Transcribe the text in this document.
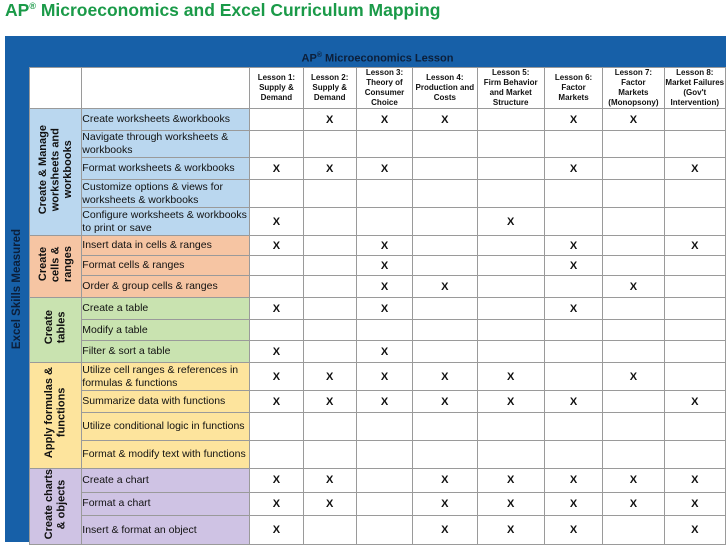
AP® Microeconomics and Excel Curriculum Mapping
Excel Skills Measured
AP® Microeconomics Lesson
		Lesson 1:
Supply &
Demand	Lesson 2:
Supply &
Demand	Lesson 3:
Theory of
Consumer
Choice	Lesson 4:
Production and
Costs	Lesson 5:
Firm Behavior
and Market
Structure	Lesson 6:
Factor
Markets	Lesson 7:
Factor
Markets
(Monopsony)	Lesson 8:
Market Failures
(Gov't
Intervention)
Create & Manage
worksheets and
workbooks	Create worksheets &workbooks		X	X	X		X	X	
	Navigate through worksheets & workbooks								
	Format worksheets & workbooks	X	X	X			X		X
	Customize options & views for worksheets & workbooks								
	Configure worksheets & workbooks to print or save	X				X			
Create
cells &
ranges	Insert data in cells & ranges	X		X			X		X
	Format cells & ranges			X			X		
	Order & group cells & ranges			X	X			X	
Create
tables	Create a table	X		X			X		
	Modify a table								
	Filter & sort a table	X		X					
Apply formulas &
functions	Utilize cell ranges & references in formulas & functions	X	X	X	X	X		X	
	Summarize data with functions	X	X	X	X	X	X		X
	Utilize conditional logic in functions								
	Format & modify text with functions								
Create charts
& objects	Create a chart	X	X		X	X	X	X	X
	Format a chart	X	X		X	X	X	X	X
	Insert & format an object	X			X	X	X		X
